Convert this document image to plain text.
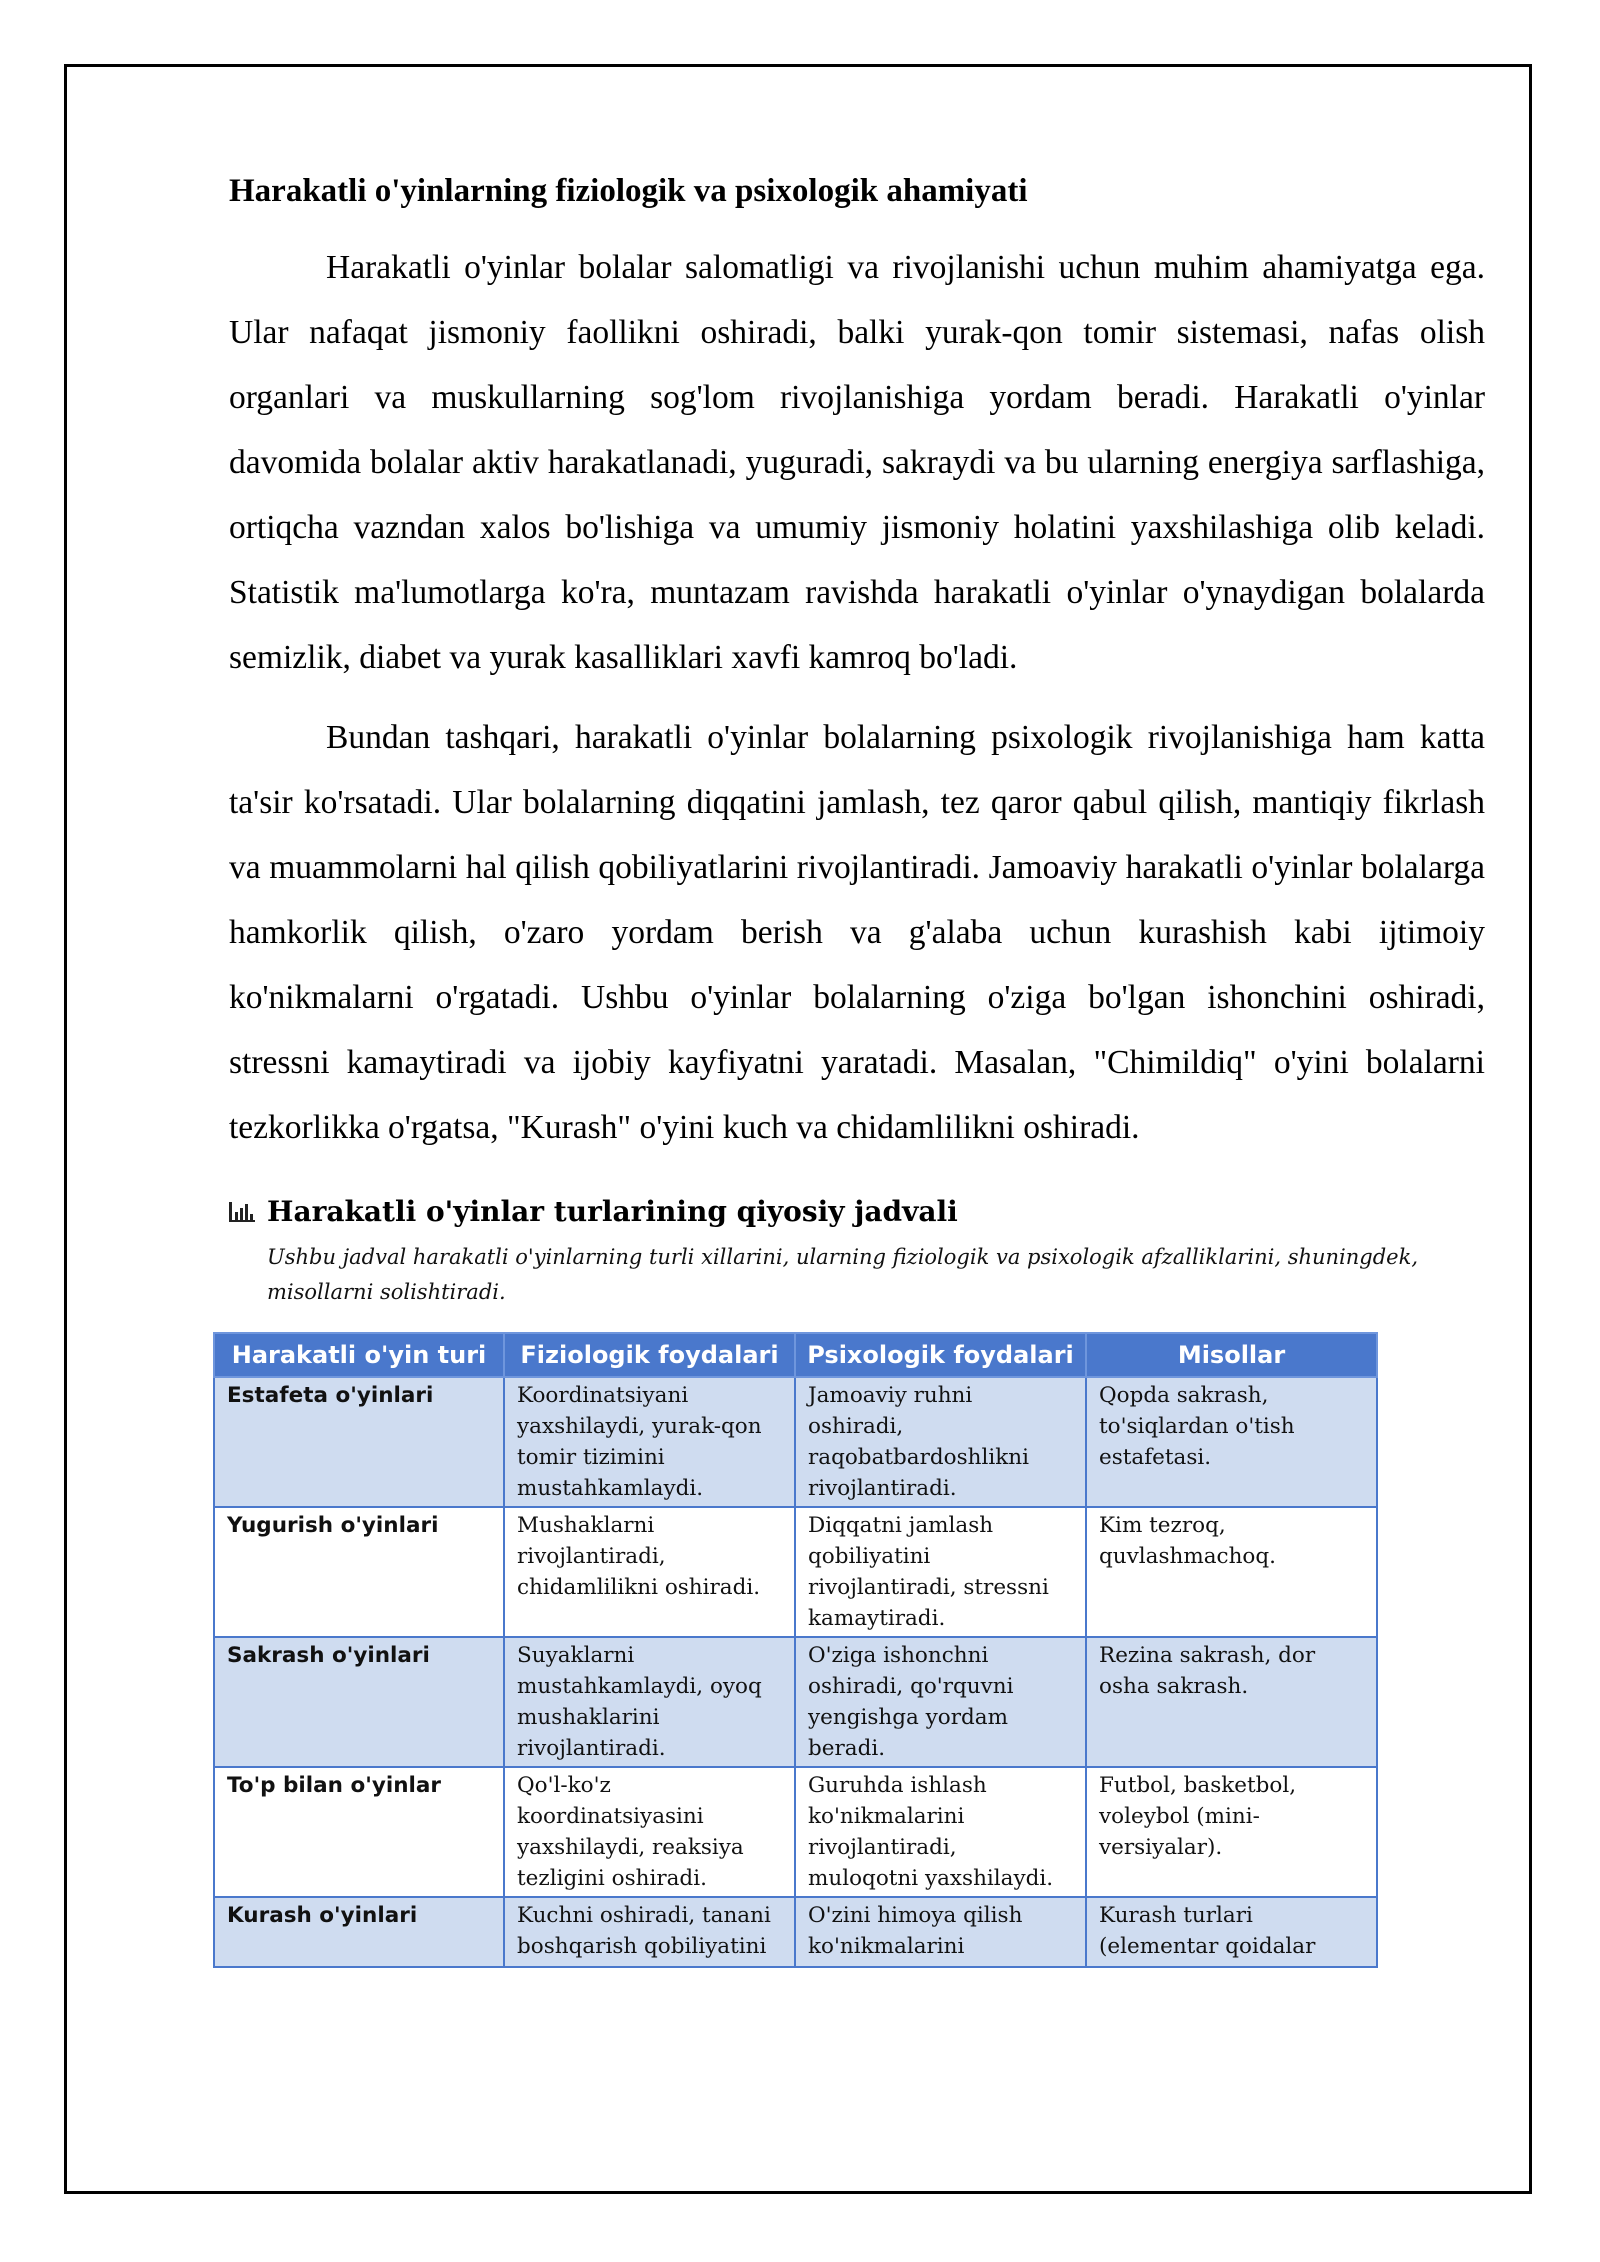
Harakatli o'yinlarning fiziologik va psixologik ahamiyati

Harakatli o'yinlar bolalar salomatligi va rivojlanishi uchun muhim ahamiyatga ega. Ular nafaqat jismoniy faollikni oshiradi, balki yurak-qon tomir sistemasi, nafas olish organlari va muskullarning sog'lom rivojlanishiga yordam beradi. Harakatli o'yinlar davomida bolalar aktiv harakatlanadi, yuguradi, sakraydi va bu ularning energiya sarflashiga, ortiqcha vazndan xalos bo'lishiga va umumiy jismoniy holatini yaxshilashiga olib keladi. Statistik ma'lumotlarga ko'ra, muntazam ravishda harakatli o'yinlar o'ynaydigan bolalarda semizlik, diabet va yurak kasalliklari xavfi kamroq bo'ladi.

Bundan tashqari, harakatli o'yinlar bolalarning psixologik rivojlanishiga ham katta ta'sir ko'rsatadi. Ular bolalarning diqqatini jamlash, tez qaror qabul qilish, mantiqiy fikrlash va muammolarni hal qilish qobiliyatlarini rivojlantiradi. Jamoaviy harakatli o'yinlar bolalarga hamkorlik qilish, o'zaro yordam berish va g'alaba uchun kurashish kabi ijtimoiy ko'nikmalarni o'rgatadi. Ushbu o'yinlar bolalarning o'ziga bo'lgan ishonchini oshiradi, stressni kamaytiradi va ijobiy kayfiyatni yaratadi. Masalan, "Chimildiq" o'yini bolalarni tezkorlikka o'rgatsa, "Kurash" o'yini kuch va chidamlilikni oshiradi.

Harakatli o'yinlar turlarining qiyosiy jadvali
Ushbu jadval harakatli o'yinlarning turli xillarini, ularning fiziologik va psixologik afzalliklarini, shuningdek, misollarni solishtiradi.
Harakatli o'yin turi	Fiziologik foydalari	Psixologik foydalari	Misollar
Estafeta o'yinlari	Koordinatsiyani yaxshilaydi, yurak-qon tomir tizimini mustahkamlaydi.	Jamoaviy ruhni oshiradi, raqobatbardoshlikni rivojlantiradi.	Qopda sakrash, to'siqlardan o'tish estafetasi.
Yugurish o'yinlari	Mushaklarni rivojlantiradi, chidamlilikni oshiradi.	Diqqatni jamlash qobiliyatini rivojlantiradi, stressni kamaytiradi.	Kim tezroq, quvlashmachoq.
Sakrash o'yinlari	Suyaklarni mustahkamlaydi, oyoq mushaklarini rivojlantiradi.	O'ziga ishonchni oshiradi, qo'rquvni yengishga yordam beradi.	Rezina sakrash, dor osha sakrash.
To'p bilan o'yinlar	Qo'l-ko'z koordinatsiyasini yaxshilaydi, reaksiya tezligini oshiradi.	Guruhda ishlash ko'nikmalarini rivojlantiradi, muloqotni yaxshilaydi.	Futbol, basketbol, voleybol (mini-versiyalar).

Kurash o'yinlari	Kuchni oshiradi, tanani boshqarish qobiliyatini	O'zini himoya qilish ko'nikmalarini	Kurash turlari (elementar qoidalar
